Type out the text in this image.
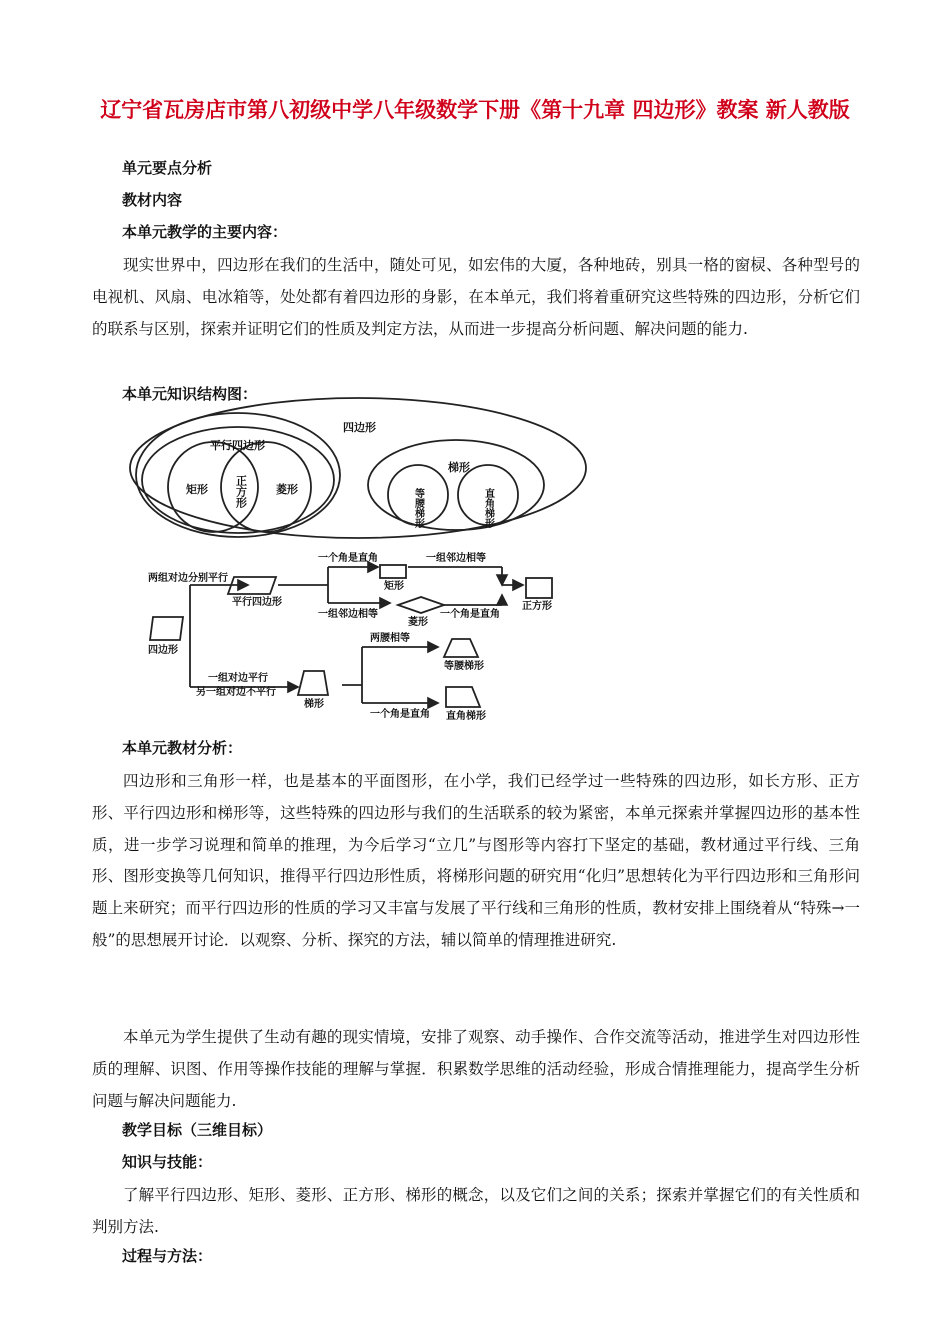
辽宁省瓦房店市第八初级中学八年级数学下册《第十九章 四边形》教案 新人教版

单元要点分析

教材内容

本单元教学的主要内容：

现实世界中，四边形在我们的生活中，随处可见，如宏伟的大厦，各种地砖，别具一格的窗棂、各种型号的电视机、风扇、电冰箱等，处处都有着四边形的身影，在本单元，我们将着重研究这些特殊的四边形，分析它们的联系与区别，探索并证明它们的性质及判定方法，从而进一步提高分析问题、解决问题的能力.

本单元知识结构图：

四边形
平行四边形
矩形	菱形
正方形
梯形
等腰梯形	直角梯形
四边形
两组对边分别平行
平行四边形
一个角是直角	一组邻边相等
矩形
正方形
一组邻边相等	一个角是直角
菱形
一组对边平行
另一组对边不平行
梯形
两腰相等
等腰梯形
一个角是直角 直角梯形

本单元教材分析：

四边形和三角形一样，也是基本的平面图形，在小学，我们已经学过一些特殊的四边形，如长方形、正方形、平行四边形和梯形等，这些特殊的四边形与我们的生活联系的较为紧密，本单元探索并掌握四边形的基本性质，进一步学习说理和简单的推理，为今后学习“立几”与图形等内容打下坚定的基础，教材通过平行线、三角形、图形变换等几何知识，推得平行四边形性质，将梯形问题的研究用“化归”思想转化为平行四边形和三角形问题上来研究；而平行四边形的性质的学习又丰富与发展了平行线和三角形的性质，教材安排上围绕着从“特殊→一般”的思想展开讨论．以观察、分析、探究的方法，辅以简单的情理推进研究.

本单元为学生提供了生动有趣的现实情境，安排了观察、动手操作、合作交流等活动，推进学生对四边形性质的理解、识图、作用等操作技能的理解与掌握．积累数学思维的活动经验，形成合情推理能力，提高学生分析问题与解决问题能力.

教学目标（三维目标）

知识与技能：

了解平行四边形、矩形、菱形、正方形、梯形的概念，以及它们之间的关系；探索并掌握它们的有关性质和判别方法.

过程与方法：
